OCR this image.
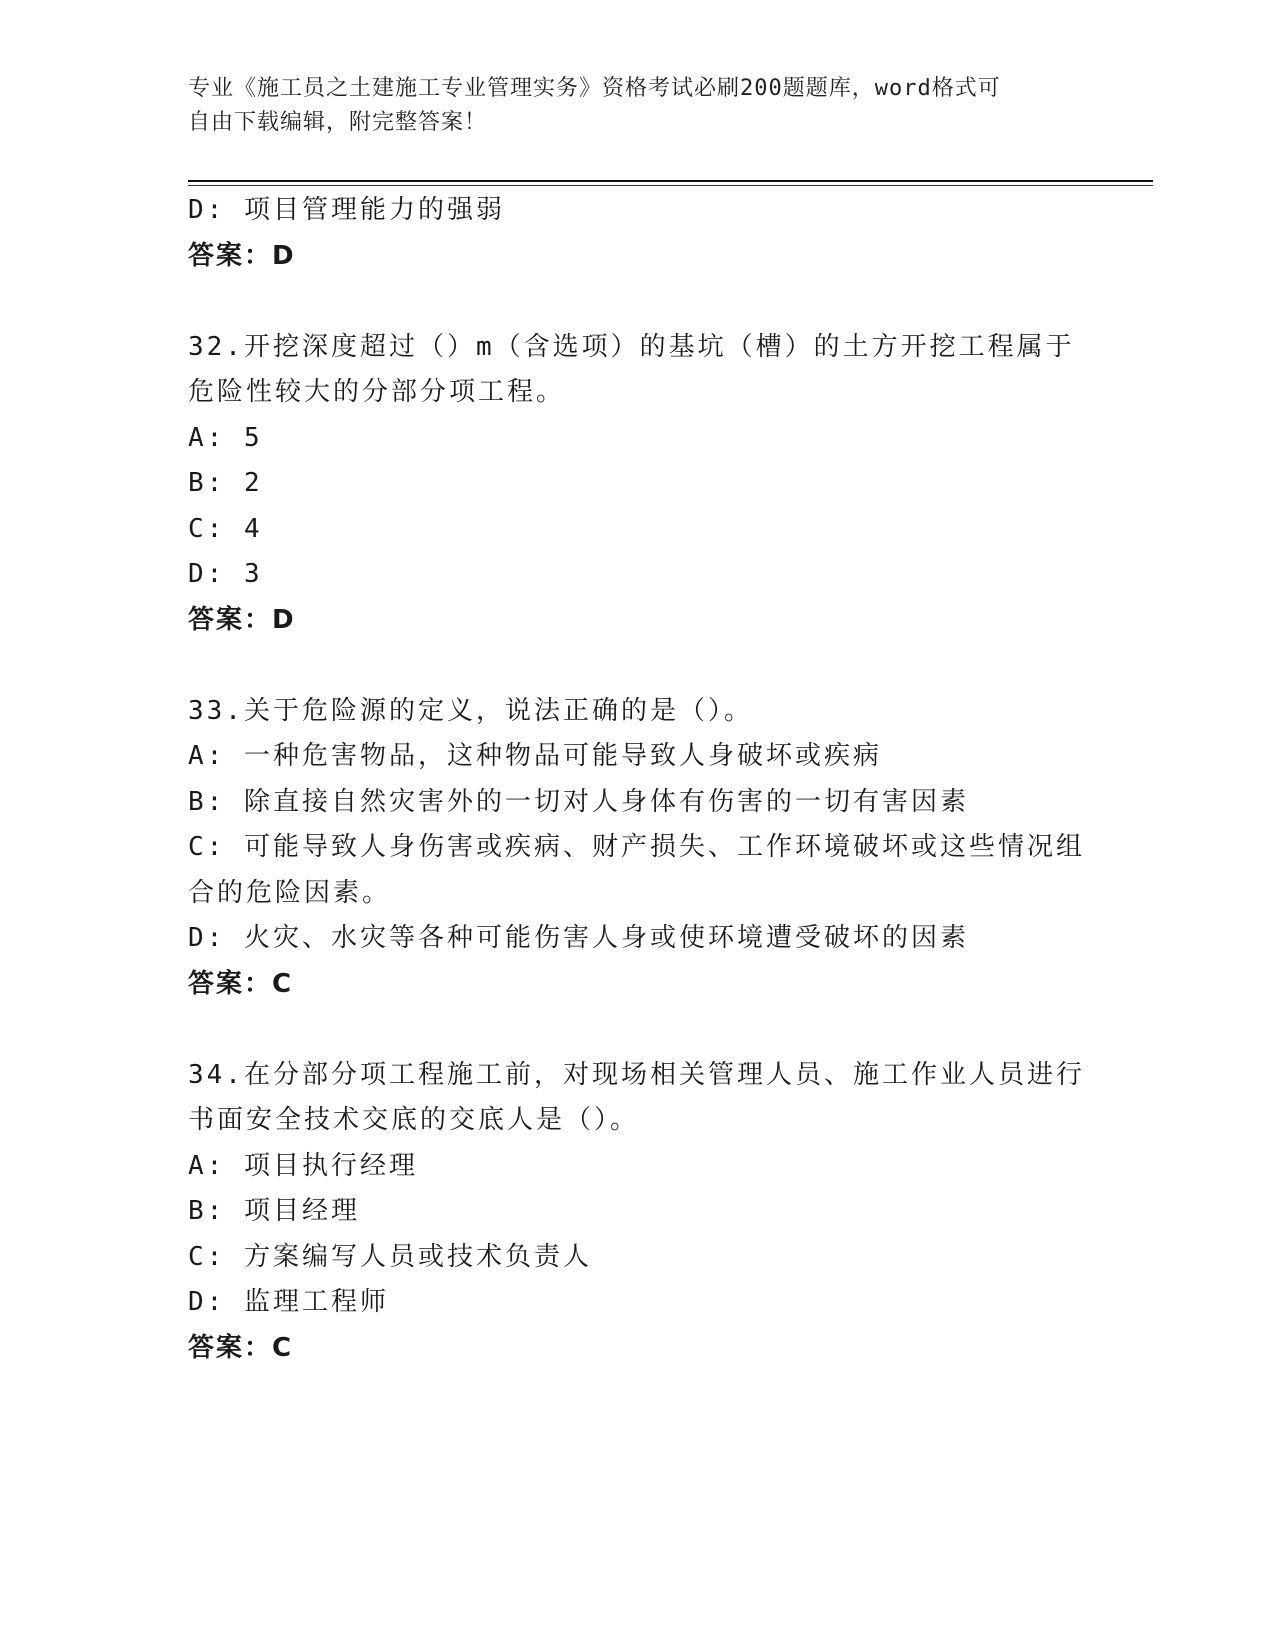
专业《施工员之土建施工专业管理实务》资格考试必刷200题题库，word格式可
自由下载编辑，附完整答案！
D: 项目管理能力的强弱
答案：D
32.开挖深度超过（）m（含选项）的基坑（槽）的土方开挖工程属于
危险性较大的分部分项工程。
A: 5
B: 2
C: 4
D: 3
答案：D
33.关于危险源的定义，说法正确的是（）。
A: 一种危害物品，这种物品可能导致人身破坏或疾病
B: 除直接自然灾害外的一切对人身体有伤害的一切有害因素
C: 可能导致人身伤害或疾病、财产损失、工作环境破坏或这些情况组
合的危险因素。
D: 火灾、水灾等各种可能伤害人身或使环境遭受破坏的因素
答案：C
34.在分部分项工程施工前，对现场相关管理人员、施工作业人员进行
书面安全技术交底的交底人是（）。
A: 项目执行经理
B: 项目经理
C: 方案编写人员或技术负责人
D: 监理工程师
答案：C
